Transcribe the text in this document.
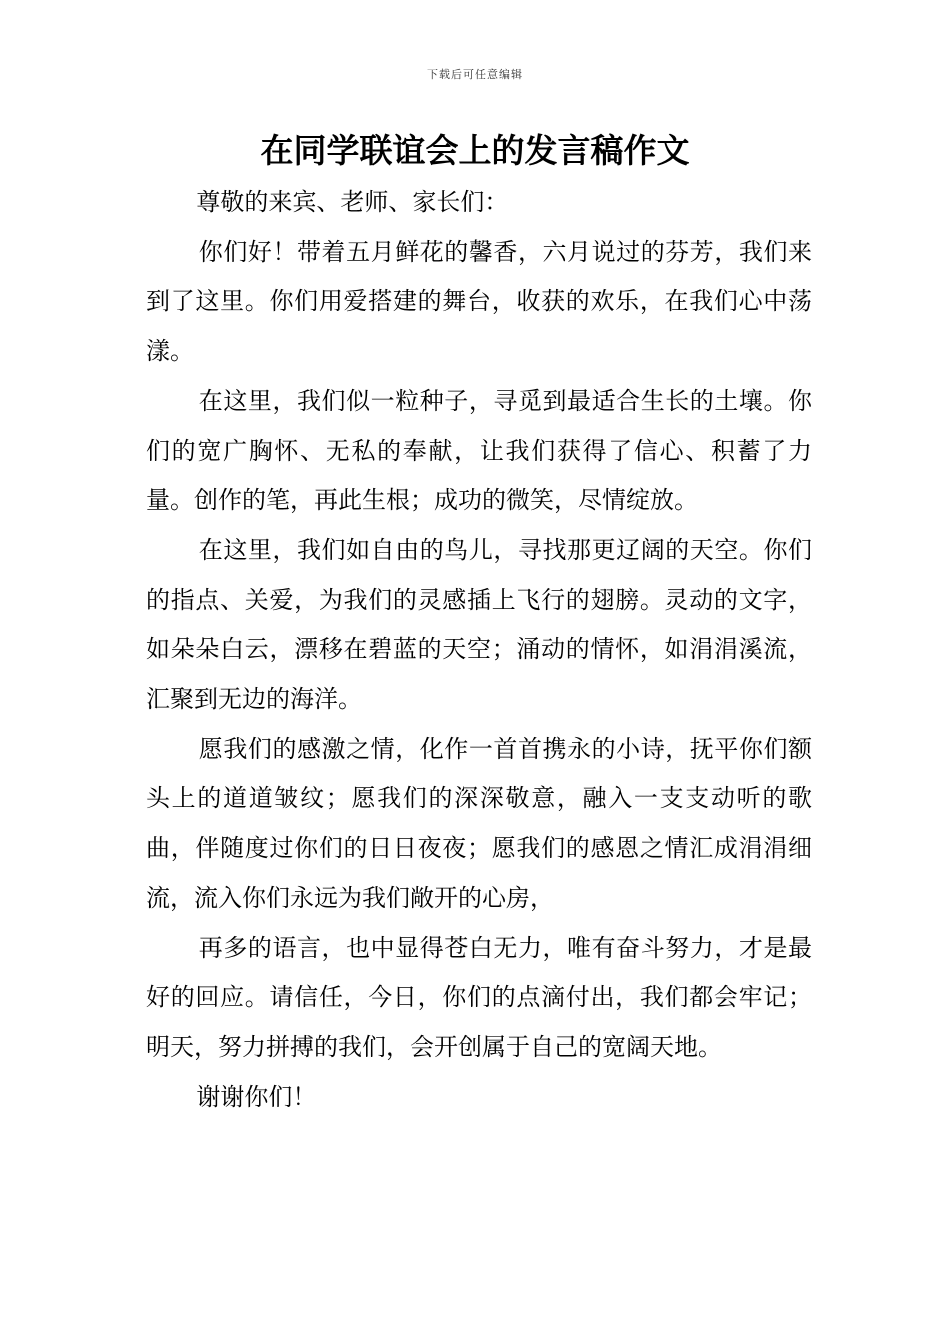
下载后可任意编辑
在同学联谊会上的发言稿作文

尊敬的来宾、老师、家长们：

你们好！带着五月鲜花的馨香，六月说过的芬芳，我们来到了这里。你们用爱搭建的舞台，收获的欢乐，在我们心中荡漾。

在这里，我们似一粒种子，寻觅到最适合生长的土壤。你们的宽广胸怀、无私的奉献，让我们获得了信心、积蓄了力量。创作的笔，再此生根；成功的微笑，尽情绽放。

在这里，我们如自由的鸟儿，寻找那更辽阔的天空。你们的指点、关爱，为我们的灵感插上飞行的翅膀。灵动的文字，如朵朵白云，漂移在碧蓝的天空；涌动的情怀，如涓涓溪流，汇聚到无边的海洋。

愿我们的感激之情，化作一首首携永的小诗，抚平你们额头上的道道皱纹；愿我们的深深敬意，融入一支支动听的歌曲，伴随度过你们的日日夜夜；愿我们的感恩之情汇成涓涓细流，流入你们永远为我们敞开的心房，

再多的语言，也中显得苍白无力，唯有奋斗努力，才是最好的回应。请信任，今日，你们的点滴付出，我们都会牢记；明天，努力拼搏的我们，会开创属于自己的宽阔天地。

谢谢你们！
